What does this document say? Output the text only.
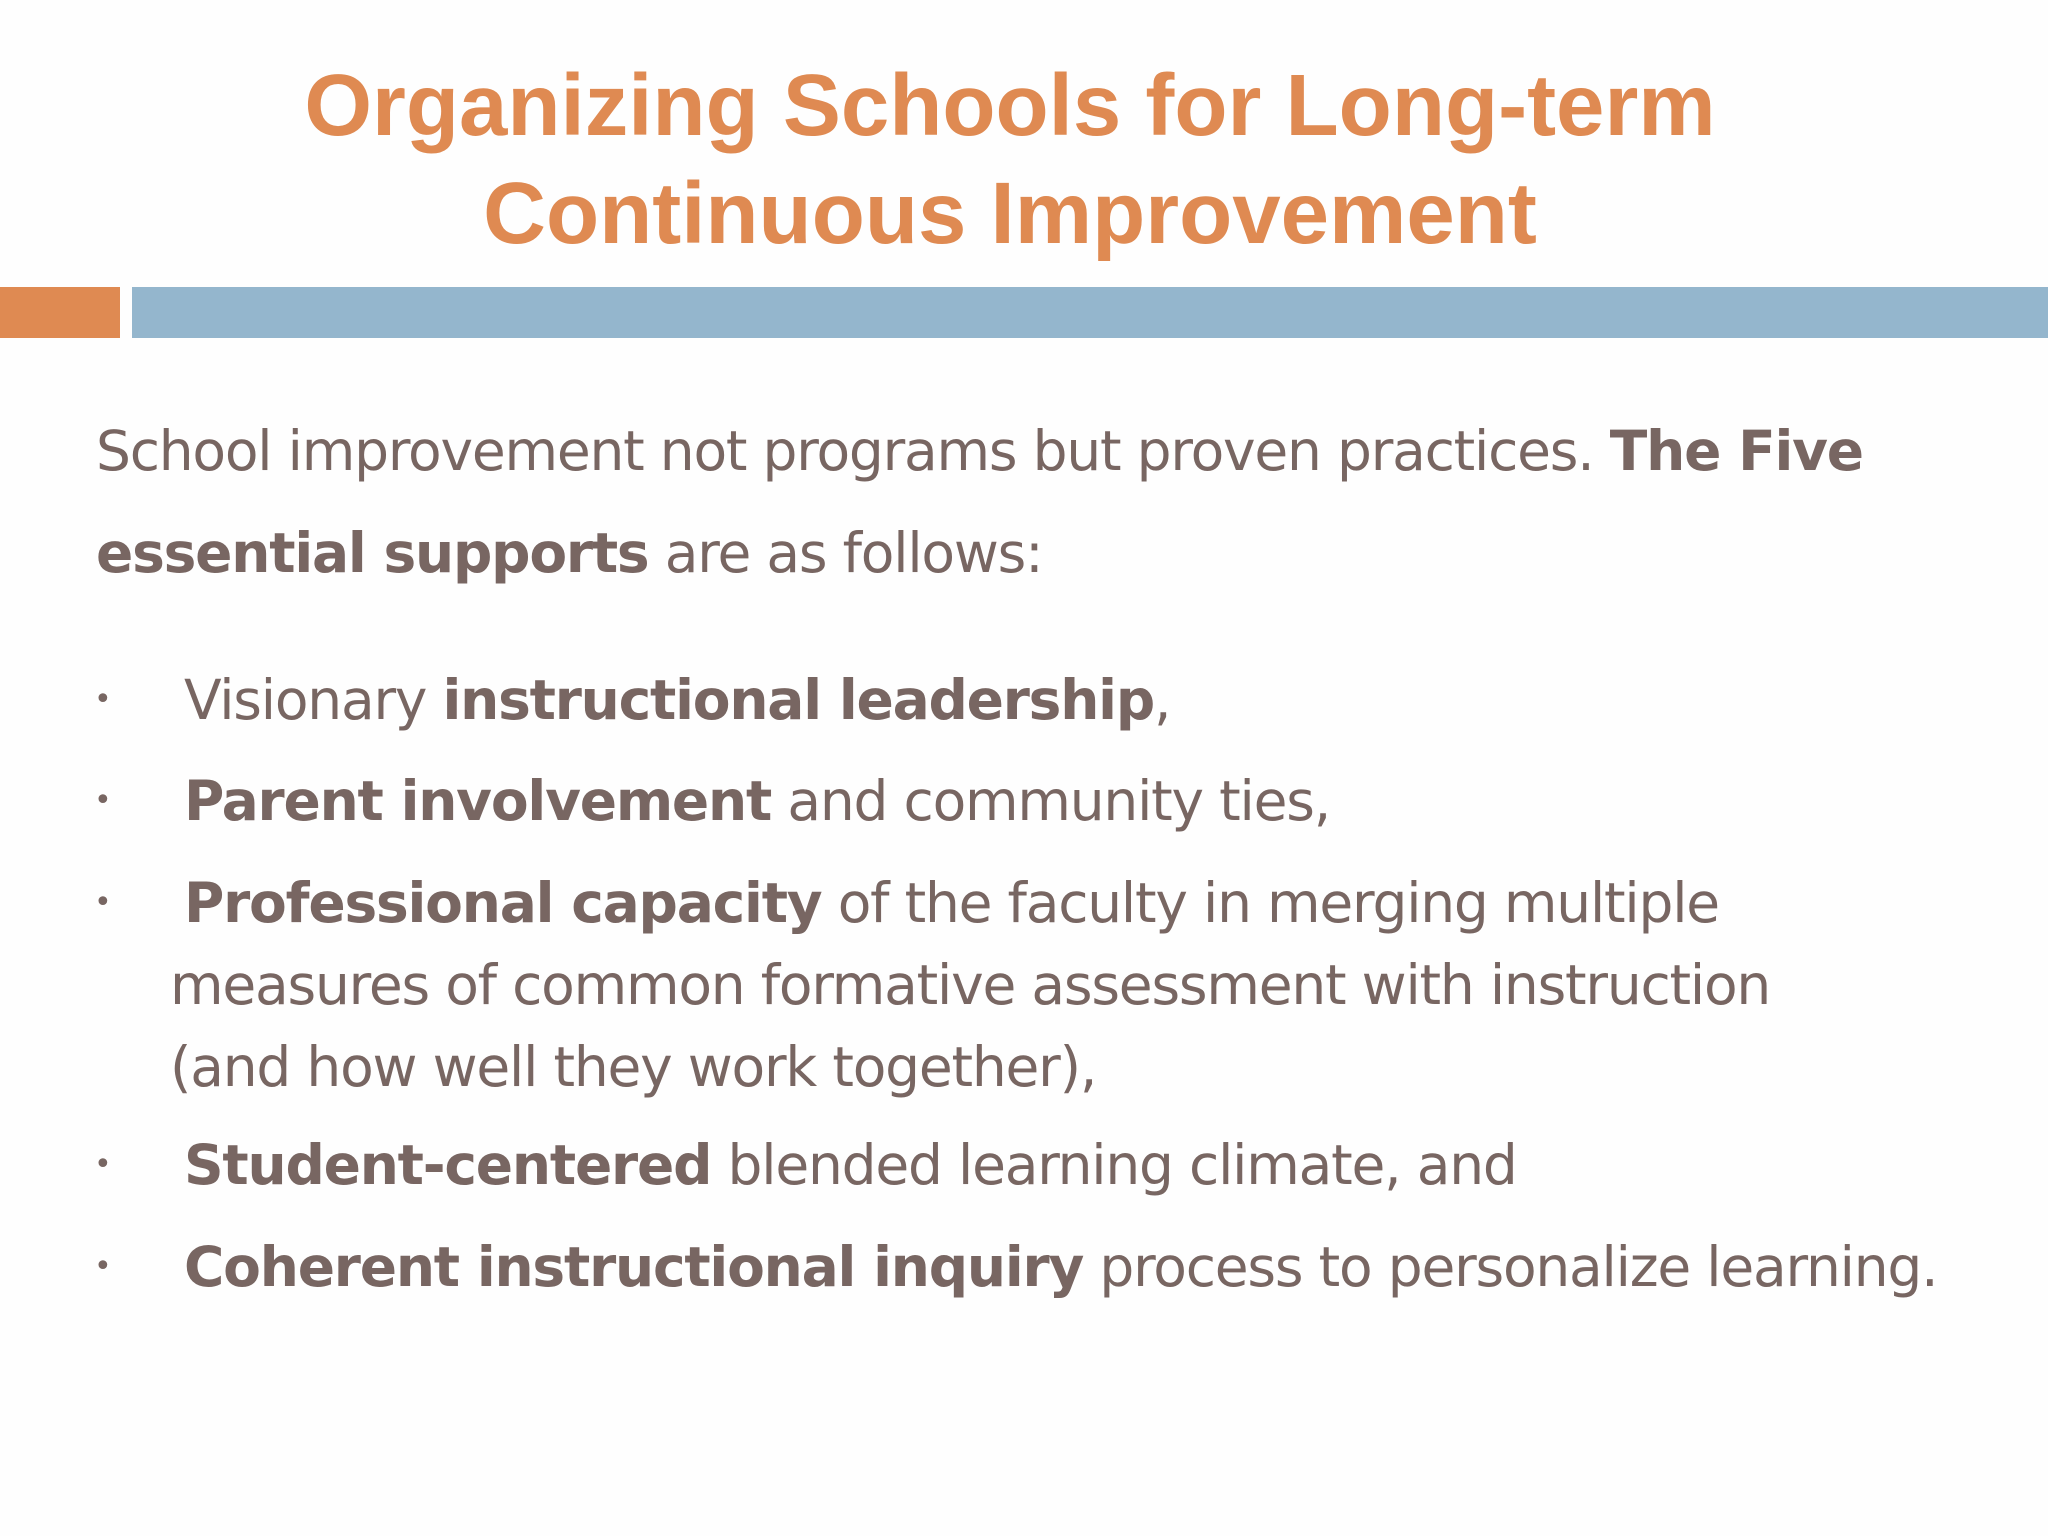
Organizing Schools for Long-term
Continuous Improvement

School improvement not programs but proven practices. The Five essential supports are as follows:

• Visionary instructional leadership,
• Parent involvement and community ties,
• Professional capacity of the faculty in merging multiple measures of common formative assessment with instruction (and how well they work together),
• Student-centered blended learning climate, and
• Coherent instructional inquiry process to personalize learning.
